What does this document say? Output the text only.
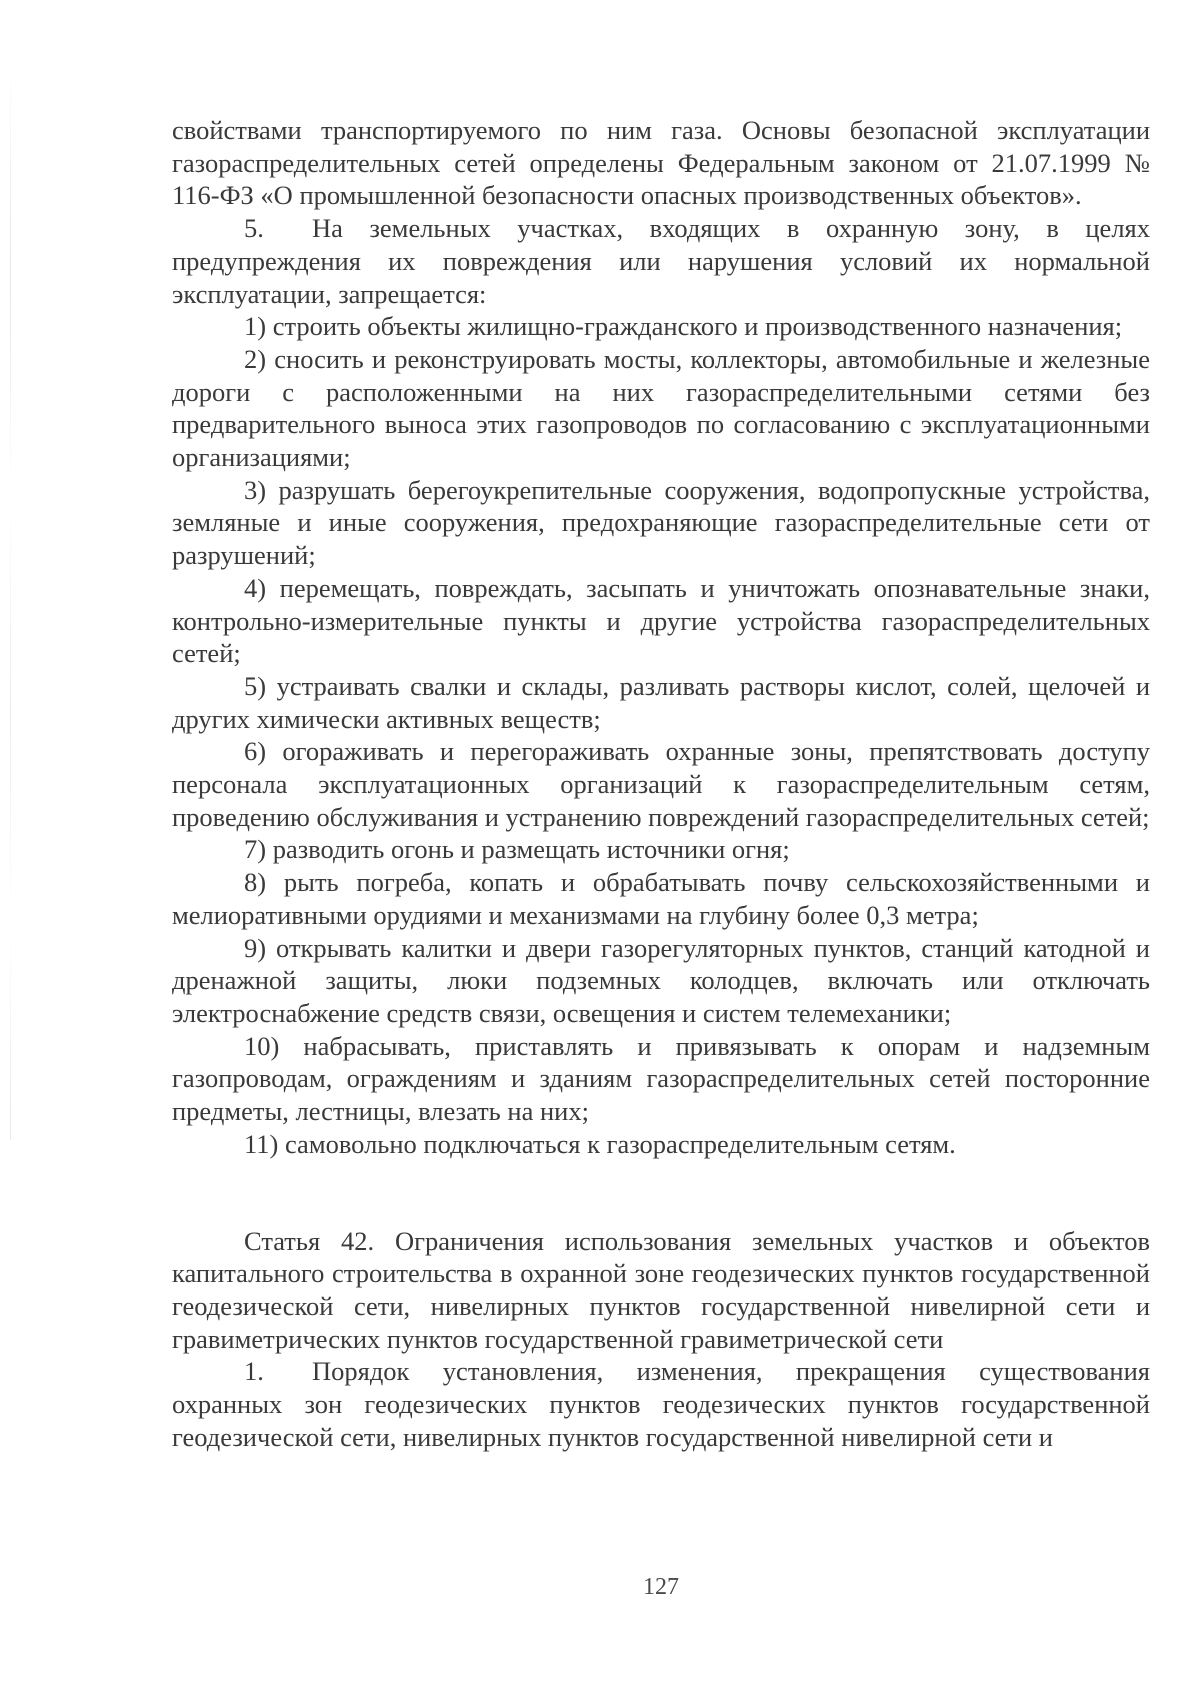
свойствами транспортируемого по ним газа. Основы безопасной эксплуатации газораспределительных сетей определены Федеральным законом от 21.07.1999 № 116-ФЗ «О промышленной безопасности опасных производственных объектов».

5. На земельных участках, входящих в охранную зону, в целях предупреждения их повреждения или нарушения условий их нормальной эксплуатации, запрещается:

1) строить объекты жилищно-гражданского и производственного назначения;

2) сносить и реконструировать мосты, коллекторы, автомобильные и железные дороги с расположенными на них газораспределительными сетями без предварительного выноса этих газопроводов по согласованию с эксплуатационными организациями;

3) разрушать берегоукрепительные сооружения, водопропускные устройства, земляные и иные сооружения, предохраняющие газораспределительные сети от разрушений;

4) перемещать, повреждать, засыпать и уничтожать опознавательные знаки, контрольно-измерительные пункты и другие устройства газораспределительных сетей;

5) устраивать свалки и склады, разливать растворы кислот, солей, щелочей и других химически активных веществ;

6) огораживать и перегораживать охранные зоны, препятствовать доступу персонала эксплуатационных организаций к газораспределительным сетям, проведению обслуживания и устранению повреждений газораспределительных сетей;

7) разводить огонь и размещать источники огня;

8) рыть погреба, копать и обрабатывать почву сельскохозяйственными и мелиоративными орудиями и механизмами на глубину более 0,3 метра;

9) открывать калитки и двери газорегуляторных пунктов, станций катодной и дренажной защиты, люки подземных колодцев, включать или отключать электроснабжение средств связи, освещения и систем телемеханики;

10) набрасывать, приставлять и привязывать к опорам и надземным газопроводам, ограждениям и зданиям газораспределительных сетей посторонние предметы, лестницы, влезать на них;

11) самовольно подключаться к газораспределительным сетям.

Статья 42. Ограничения использования земельных участков и объектов капитального строительства в охранной зоне геодезических пунктов государственной геодезической сети, нивелирных пунктов государственной нивелирной сети и гравиметрических пунктов государственной гравиметрической сети

1. Порядок установления, изменения, прекращения существования охранных зон геодезических пунктов геодезических пунктов государственной геодезической сети, нивелирных пунктов государственной нивелирной сети и

127
